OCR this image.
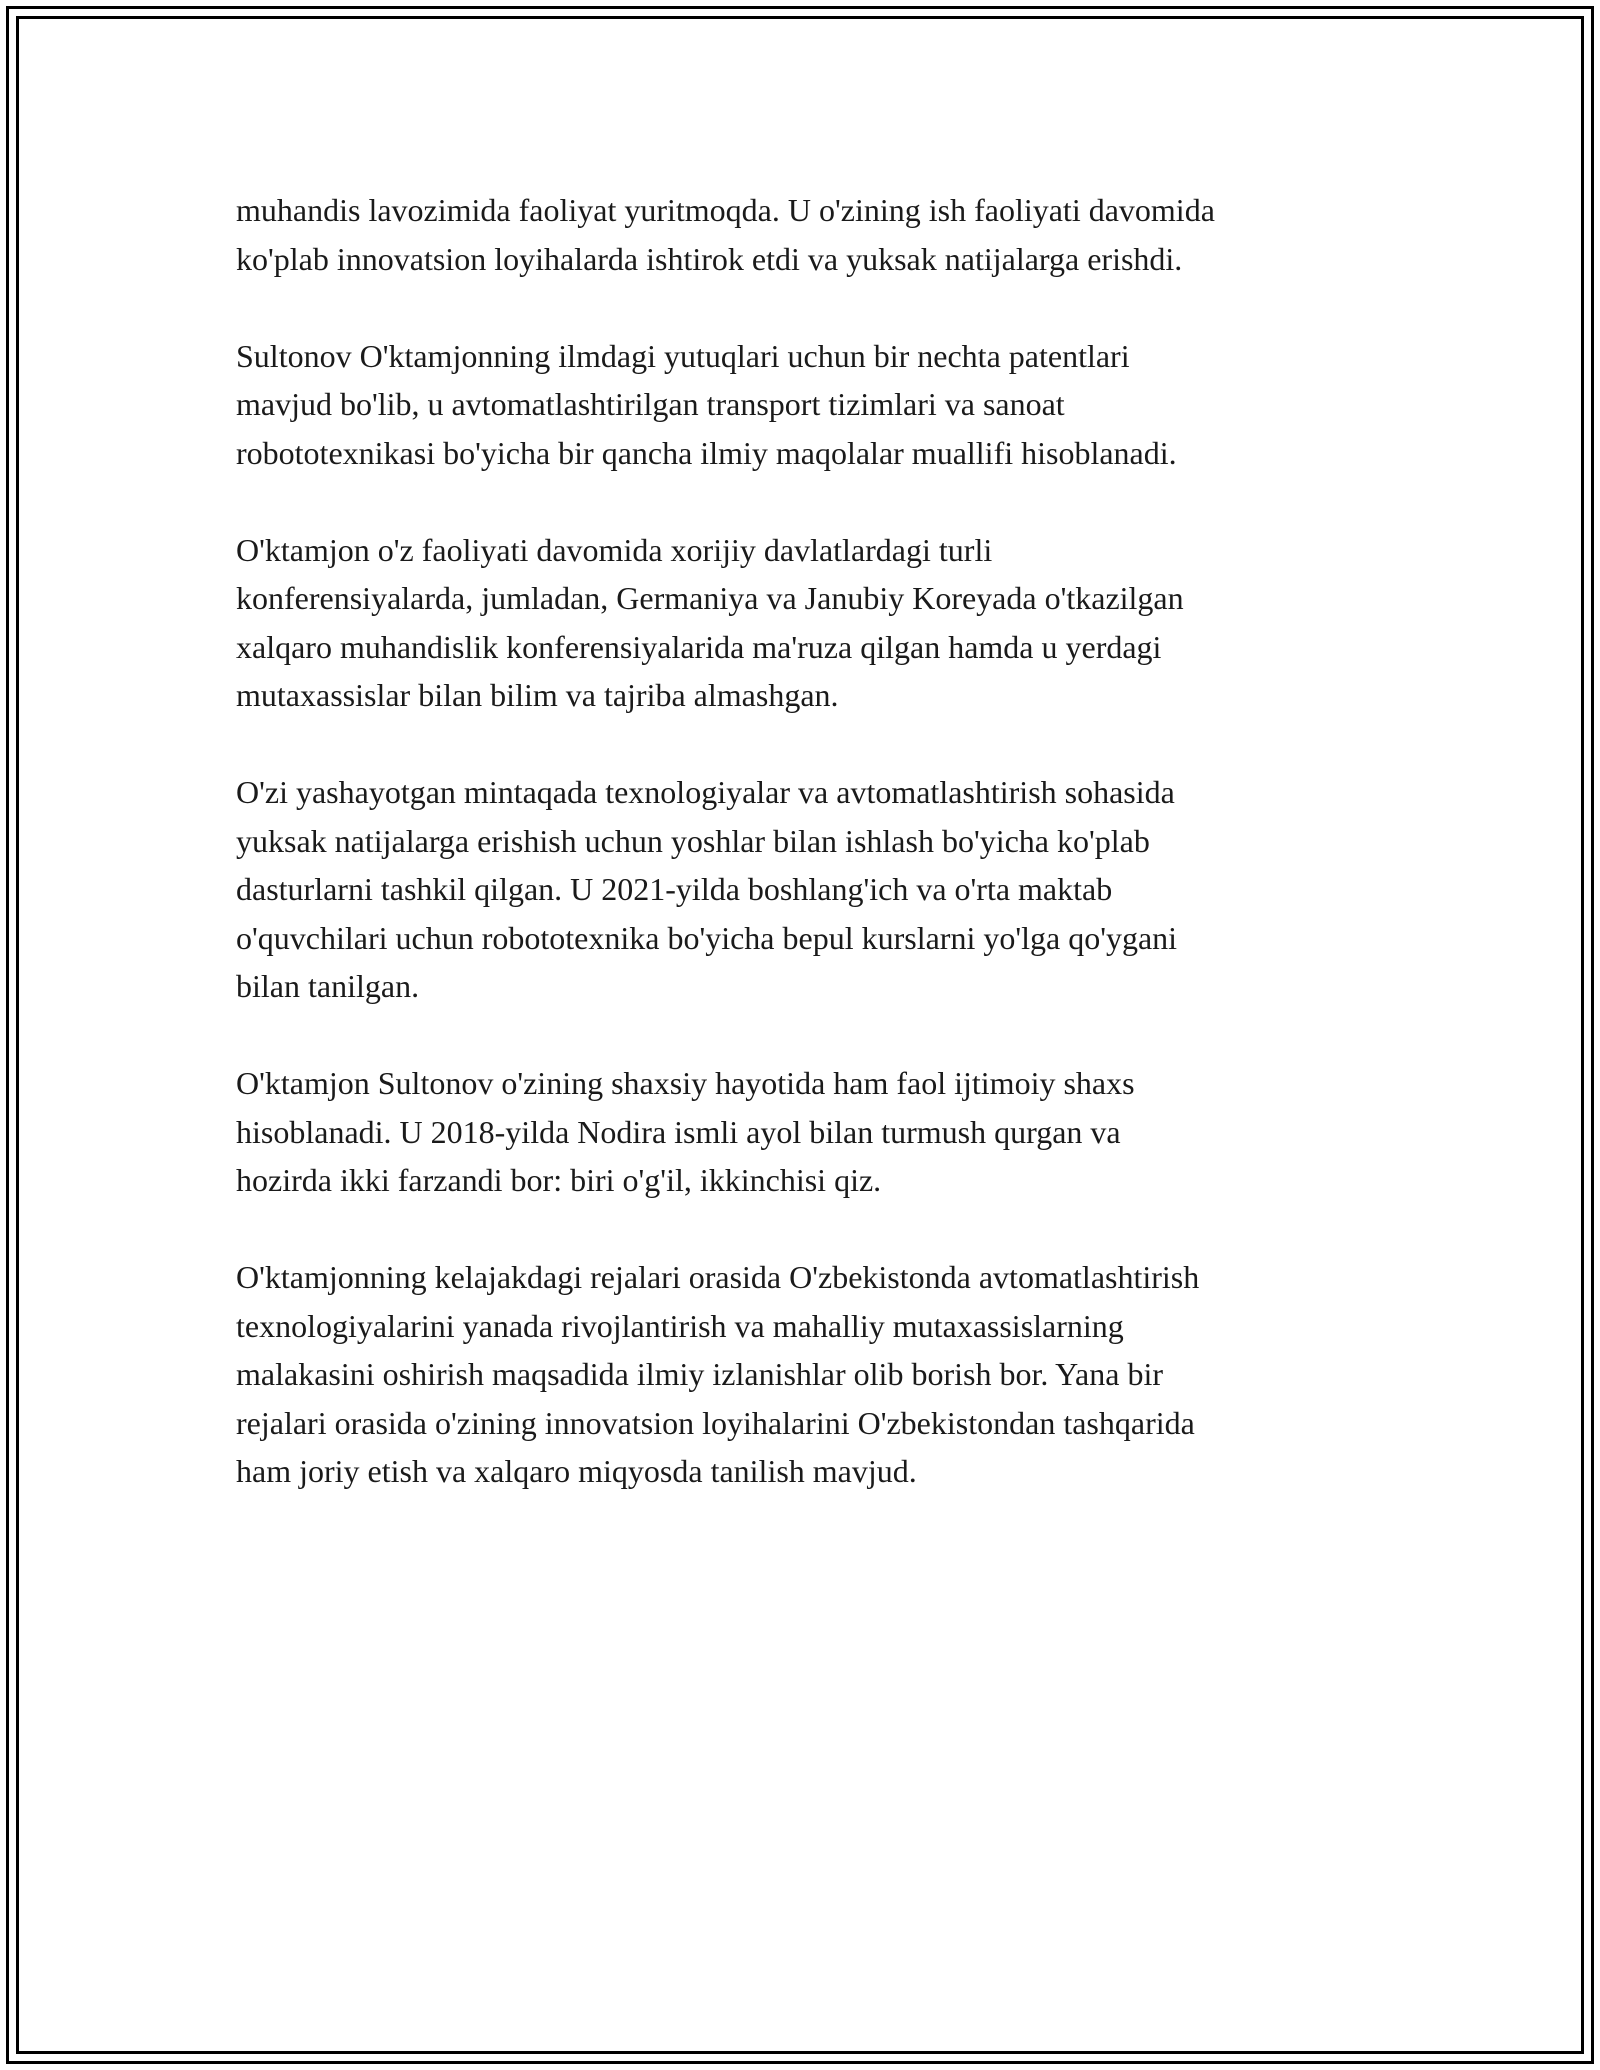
muhandis lavozimida faoliyat yuritmoqda. U o'zining ish faoliyati davomida
ko'plab innovatsion loyihalarda ishtirok etdi va yuksak natijalarga erishdi.

Sultonov O'ktamjonning ilmdagi yutuqlari uchun bir nechta patentlari
mavjud bo'lib, u avtomatlashtirilgan transport tizimlari va sanoat
robototexnikasi bo'yicha bir qancha ilmiy maqolalar muallifi hisoblanadi.

O'ktamjon o'z faoliyati davomida xorijiy davlatlardagi turli
konferensiyalarda, jumladan, Germaniya va Janubiy Koreyada o'tkazilgan
xalqaro muhandislik konferensiyalarida ma'ruza qilgan hamda u yerdagi
mutaxassislar bilan bilim va tajriba almashgan.

O'zi yashayotgan mintaqada texnologiyalar va avtomatlashtirish sohasida
yuksak natijalarga erishish uchun yoshlar bilan ishlash bo'yicha ko'plab
dasturlarni tashkil qilgan. U 2021-yilda boshlang'ich va o'rta maktab
o'quvchilari uchun robototexnika bo'yicha bepul kurslarni yo'lga qo'ygani
bilan tanilgan.

O'ktamjon Sultonov o'zining shaxsiy hayotida ham faol ijtimoiy shaxs
hisoblanadi. U 2018-yilda Nodira ismli ayol bilan turmush qurgan va
hozirda ikki farzandi bor: biri o'g'il, ikkinchisi qiz.

O'ktamjonning kelajakdagi rejalari orasida O'zbekistonda avtomatlashtirish
texnologiyalarini yanada rivojlantirish va mahalliy mutaxassislarning
malakasini oshirish maqsadida ilmiy izlanishlar olib borish bor. Yana bir
rejalari orasida o'zining innovatsion loyihalarini O'zbekistondan tashqarida
ham joriy etish va xalqaro miqyosda tanilish mavjud.
